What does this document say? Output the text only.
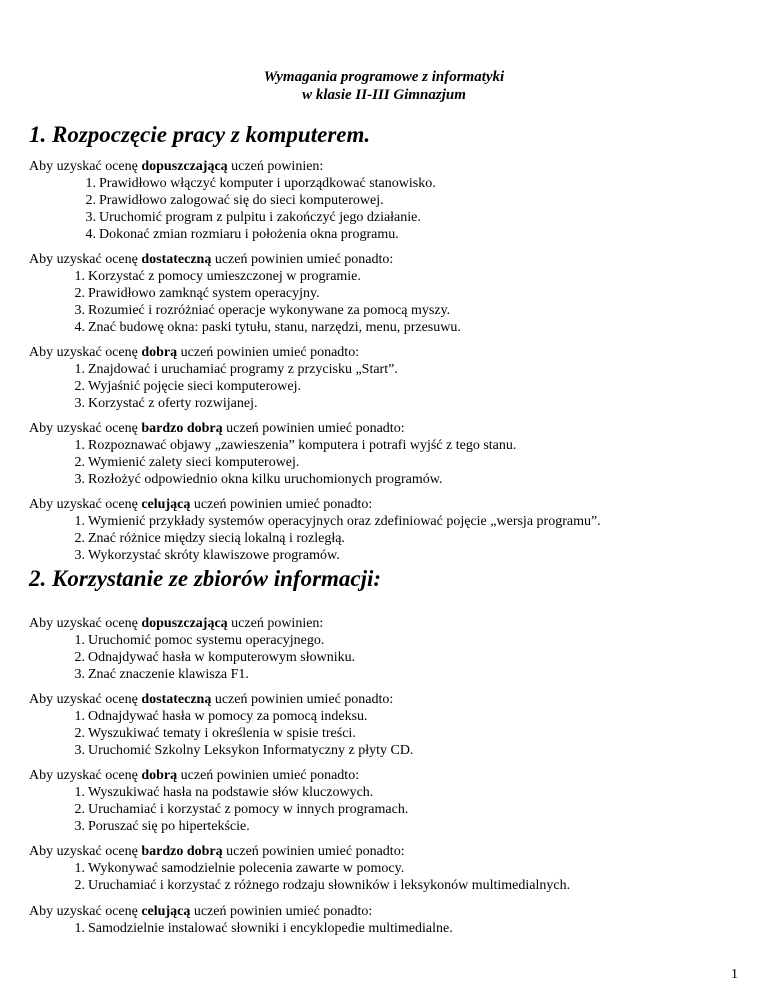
Wymagania programowe z informatyki
w klasie II-III Gimnazjum
1. Rozpoczęcie pracy z komputerem.
Aby uzyskać ocenę dopuszczającą uczeń powinien:
1. Prawidłowo włączyć komputer i uporządkować stanowisko.
2. Prawidłowo zalogować się do sieci komputerowej.
3. Uruchomić program z pulpitu i zakończyć jego działanie.
4. Dokonać zmian rozmiaru i położenia okna programu.
Aby uzyskać ocenę dostateczną uczeń powinien umieć ponadto:
1. Korzystać z pomocy umieszczonej w programie.
2. Prawidłowo zamknąć system operacyjny.
3. Rozumieć i rozróżniać operacje wykonywane za pomocą myszy.
4. Znać budowę okna: paski tytułu, stanu, narzędzi, menu, przesuwu.
Aby uzyskać ocenę dobrą uczeń powinien umieć ponadto:
1. Znajdować i uruchamiać programy z przycisku „Start”.
2. Wyjaśnić pojęcie sieci komputerowej.
3. Korzystać z oferty rozwijanej.
Aby uzyskać ocenę bardzo dobrą uczeń powinien umieć ponadto:
1. Rozpoznawać objawy „zawieszenia” komputera i potrafi wyjść z tego stanu.
2. Wymienić zalety sieci komputerowej.
3. Rozłożyć odpowiednio okna kilku uruchomionych programów.
Aby uzyskać ocenę celującą uczeń powinien umieć ponadto:
1. Wymienić przykłady systemów operacyjnych oraz zdefiniować pojęcie „wersja programu”.
2. Znać różnice między siecią lokalną i rozległą.
3. Wykorzystać skróty klawiszowe programów.
2. Korzystanie ze zbiorów informacji:
Aby uzyskać ocenę dopuszczającą uczeń powinien:
1. Uruchomić pomoc systemu operacyjnego.
2. Odnajdywać hasła w komputerowym słowniku.
3. Znać znaczenie klawisza F1.
Aby uzyskać ocenę dostateczną uczeń powinien umieć ponadto:
1. Odnajdywać hasła w pomocy za pomocą indeksu.
2. Wyszukiwać tematy i określenia w spisie treści.
3. Uruchomić Szkolny Leksykon Informatyczny z płyty CD.
Aby uzyskać ocenę dobrą uczeń powinien umieć ponadto:
1. Wyszukiwać hasła na podstawie słów kluczowych.
2. Uruchamiać i korzystać z pomocy w innych programach.
3. Poruszać się po hipertekście.
Aby uzyskać ocenę bardzo dobrą uczeń powinien umieć ponadto:
1. Wykonywać samodzielnie polecenia zawarte w pomocy.
2. Uruchamiać i korzystać z różnego rodzaju słowników i leksykonów multimedialnych.
Aby uzyskać ocenę celującą uczeń powinien umieć ponadto:
1. Samodzielnie instalować słowniki i encyklopedie multimedialne.
1
